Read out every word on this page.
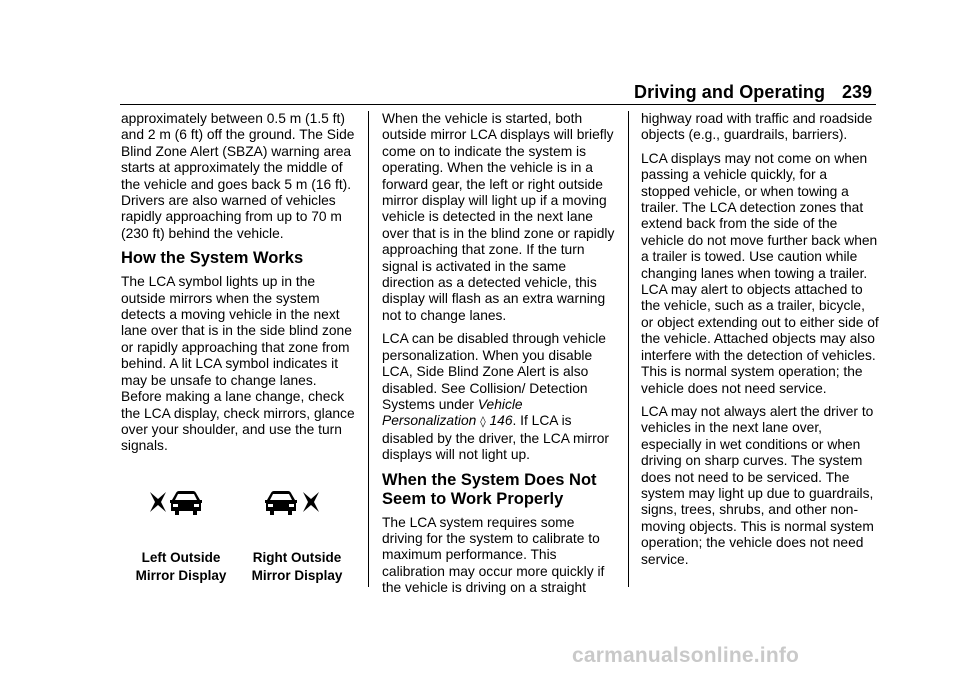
Driving and Operating 239

approximately between 0.5 m (1.5 ft) and 2 m (6 ft) off the ground. The Side Blind Zone Alert (SBZA) warning area starts at approximately the middle of the vehicle and goes back 5 m (16 ft). Drivers are also warned of vehicles rapidly approaching from up to 70 m (230 ft) behind the vehicle.

How the System Works

The LCA symbol lights up in the outside mirrors when the system detects a moving vehicle in the next lane over that is in the side blind zone or rapidly approaching that zone from behind. A lit LCA symbol indicates it may be unsafe to change lanes. Before making a lane change, check the LCA display, check mirrors, glance over your shoulder, and use the turn signals.

Left Outside Mirror Display
Right Outside Mirror Display

When the vehicle is started, both outside mirror LCA displays will briefly come on to indicate the system is operating. When the vehicle is in a forward gear, the left or right outside mirror display will light up if a moving vehicle is detected in the next lane over that is in the blind zone or rapidly approaching that zone. If the turn signal is activated in the same direction as a detected vehicle, this display will flash as an extra warning not to change lanes.

LCA can be disabled through vehicle personalization. When you disable LCA, Side Blind Zone Alert is also disabled. See Collision/ Detection Systems under Vehicle Personalization ◊ 146. If LCA is disabled by the driver, the LCA mirror displays will not light up.

When the System Does Not Seem to Work Properly

The LCA system requires some driving for the system to calibrate to maximum performance. This calibration may occur more quickly if the vehicle is driving on a straight

highway road with traffic and roadside objects (e.g., guardrails, barriers).

LCA displays may not come on when passing a vehicle quickly, for a stopped vehicle, or when towing a trailer. The LCA detection zones that extend back from the side of the vehicle do not move further back when a trailer is towed. Use caution while changing lanes when towing a trailer. LCA may alert to objects attached to the vehicle, such as a trailer, bicycle, or object extending out to either side of the vehicle. Attached objects may also interfere with the detection of vehicles. This is normal system operation; the vehicle does not need service.

LCA may not always alert the driver to vehicles in the next lane over, especially in wet conditions or when driving on sharp curves. The system does not need to be serviced. The system may light up due to guardrails, signs, trees, shrubs, and other non-moving objects. This is normal system operation; the vehicle does not need service.

carmanualsonline.info
